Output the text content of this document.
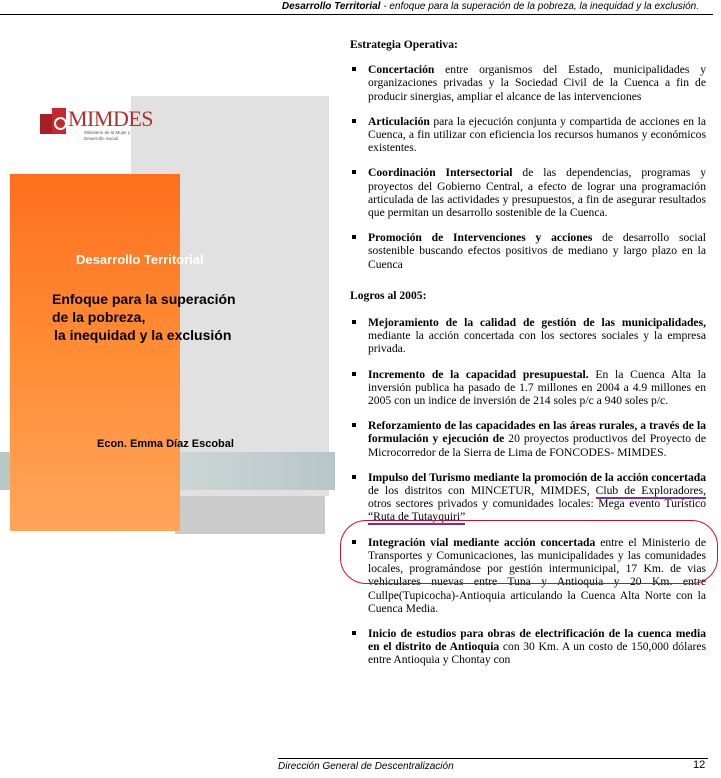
Desarrollo Territorial - enfoque para la superación de la pobreza, la inequidad y la exclusión.
MIMDES
Ministerio de la Mujer y Desarrollo Social
Desarrollo Territorial
Enfoque para la superación
de la pobreza,
la inequidad y la exclusión
Econ. Emma Díaz Escobal
Estrategia Operativa:
Concertación entre organismos del Estado, municipalidades y organizaciones privadas y la Sociedad Civil de la Cuenca a fin de producir sinergias, ampliar el alcance de las intervenciones
Articulación para la ejecución conjunta y compartida de acciones en la Cuenca, a fin utilizar con eficiencia los recursos humanos y económicos existentes.
Coordinación Intersectorial de las dependencias, programas y proyectos del Gobierno Central, a efecto de lograr una programación articulada de las actividades y presupuestos, a fin de asegurar resultados que permitan un desarrollo sostenible de la Cuenca.
Promoción de Intervenciones y acciones de desarrollo social sostenible buscando efectos positivos de mediano y largo plazo en la Cuenca
Logros al 2005:
Mejoramiento de la calidad de gestión de las municipalidades, mediante la acción concertada con los sectores sociales y la empresa privada.
Incremento de la capacidad presupuestal. En la Cuenca Alta la inversión publica ha pasado de 1.7 millones en 2004 a 4.9 millones en 2005 con un indice de inversión de 214 soles p/c a 940 soles p/c.
Reforzamiento de las capacidades en las áreas rurales, a través de la formulación y ejecución de 20 proyectos productivos del Proyecto de Microcorredor de la Sierra de Lima de FONCODES- MIMDES.
Impulso del Turismo mediante la promoción de la acción concertada de los distritos con MINCETUR, MIMDES, Club de Exploradores, otros sectores privados y comunidades locales: Mega evento Turístico “Ruta de Tutayquiri”
Integración vial mediante acción concertada entre el Ministerio de Transportes y Comunicaciones, las municipalidades y las comunidades locales, programándose por gestión intermunicipal, 17 Km. de vias vehiculares nuevas entre Tuna y Antioquia y 20 Km. entre Cullpe(Tupicocha)-Antioquia articulando la Cuenca Alta Norte con la Cuenca Media.
Inicio de estudios para obras de electrificación de la cuenca media en el distrito de Antioquia con 30 Km. A un costo de 150,000 dólares entre Antioquia y Chontay con
Dirección General de Descentralización	12
